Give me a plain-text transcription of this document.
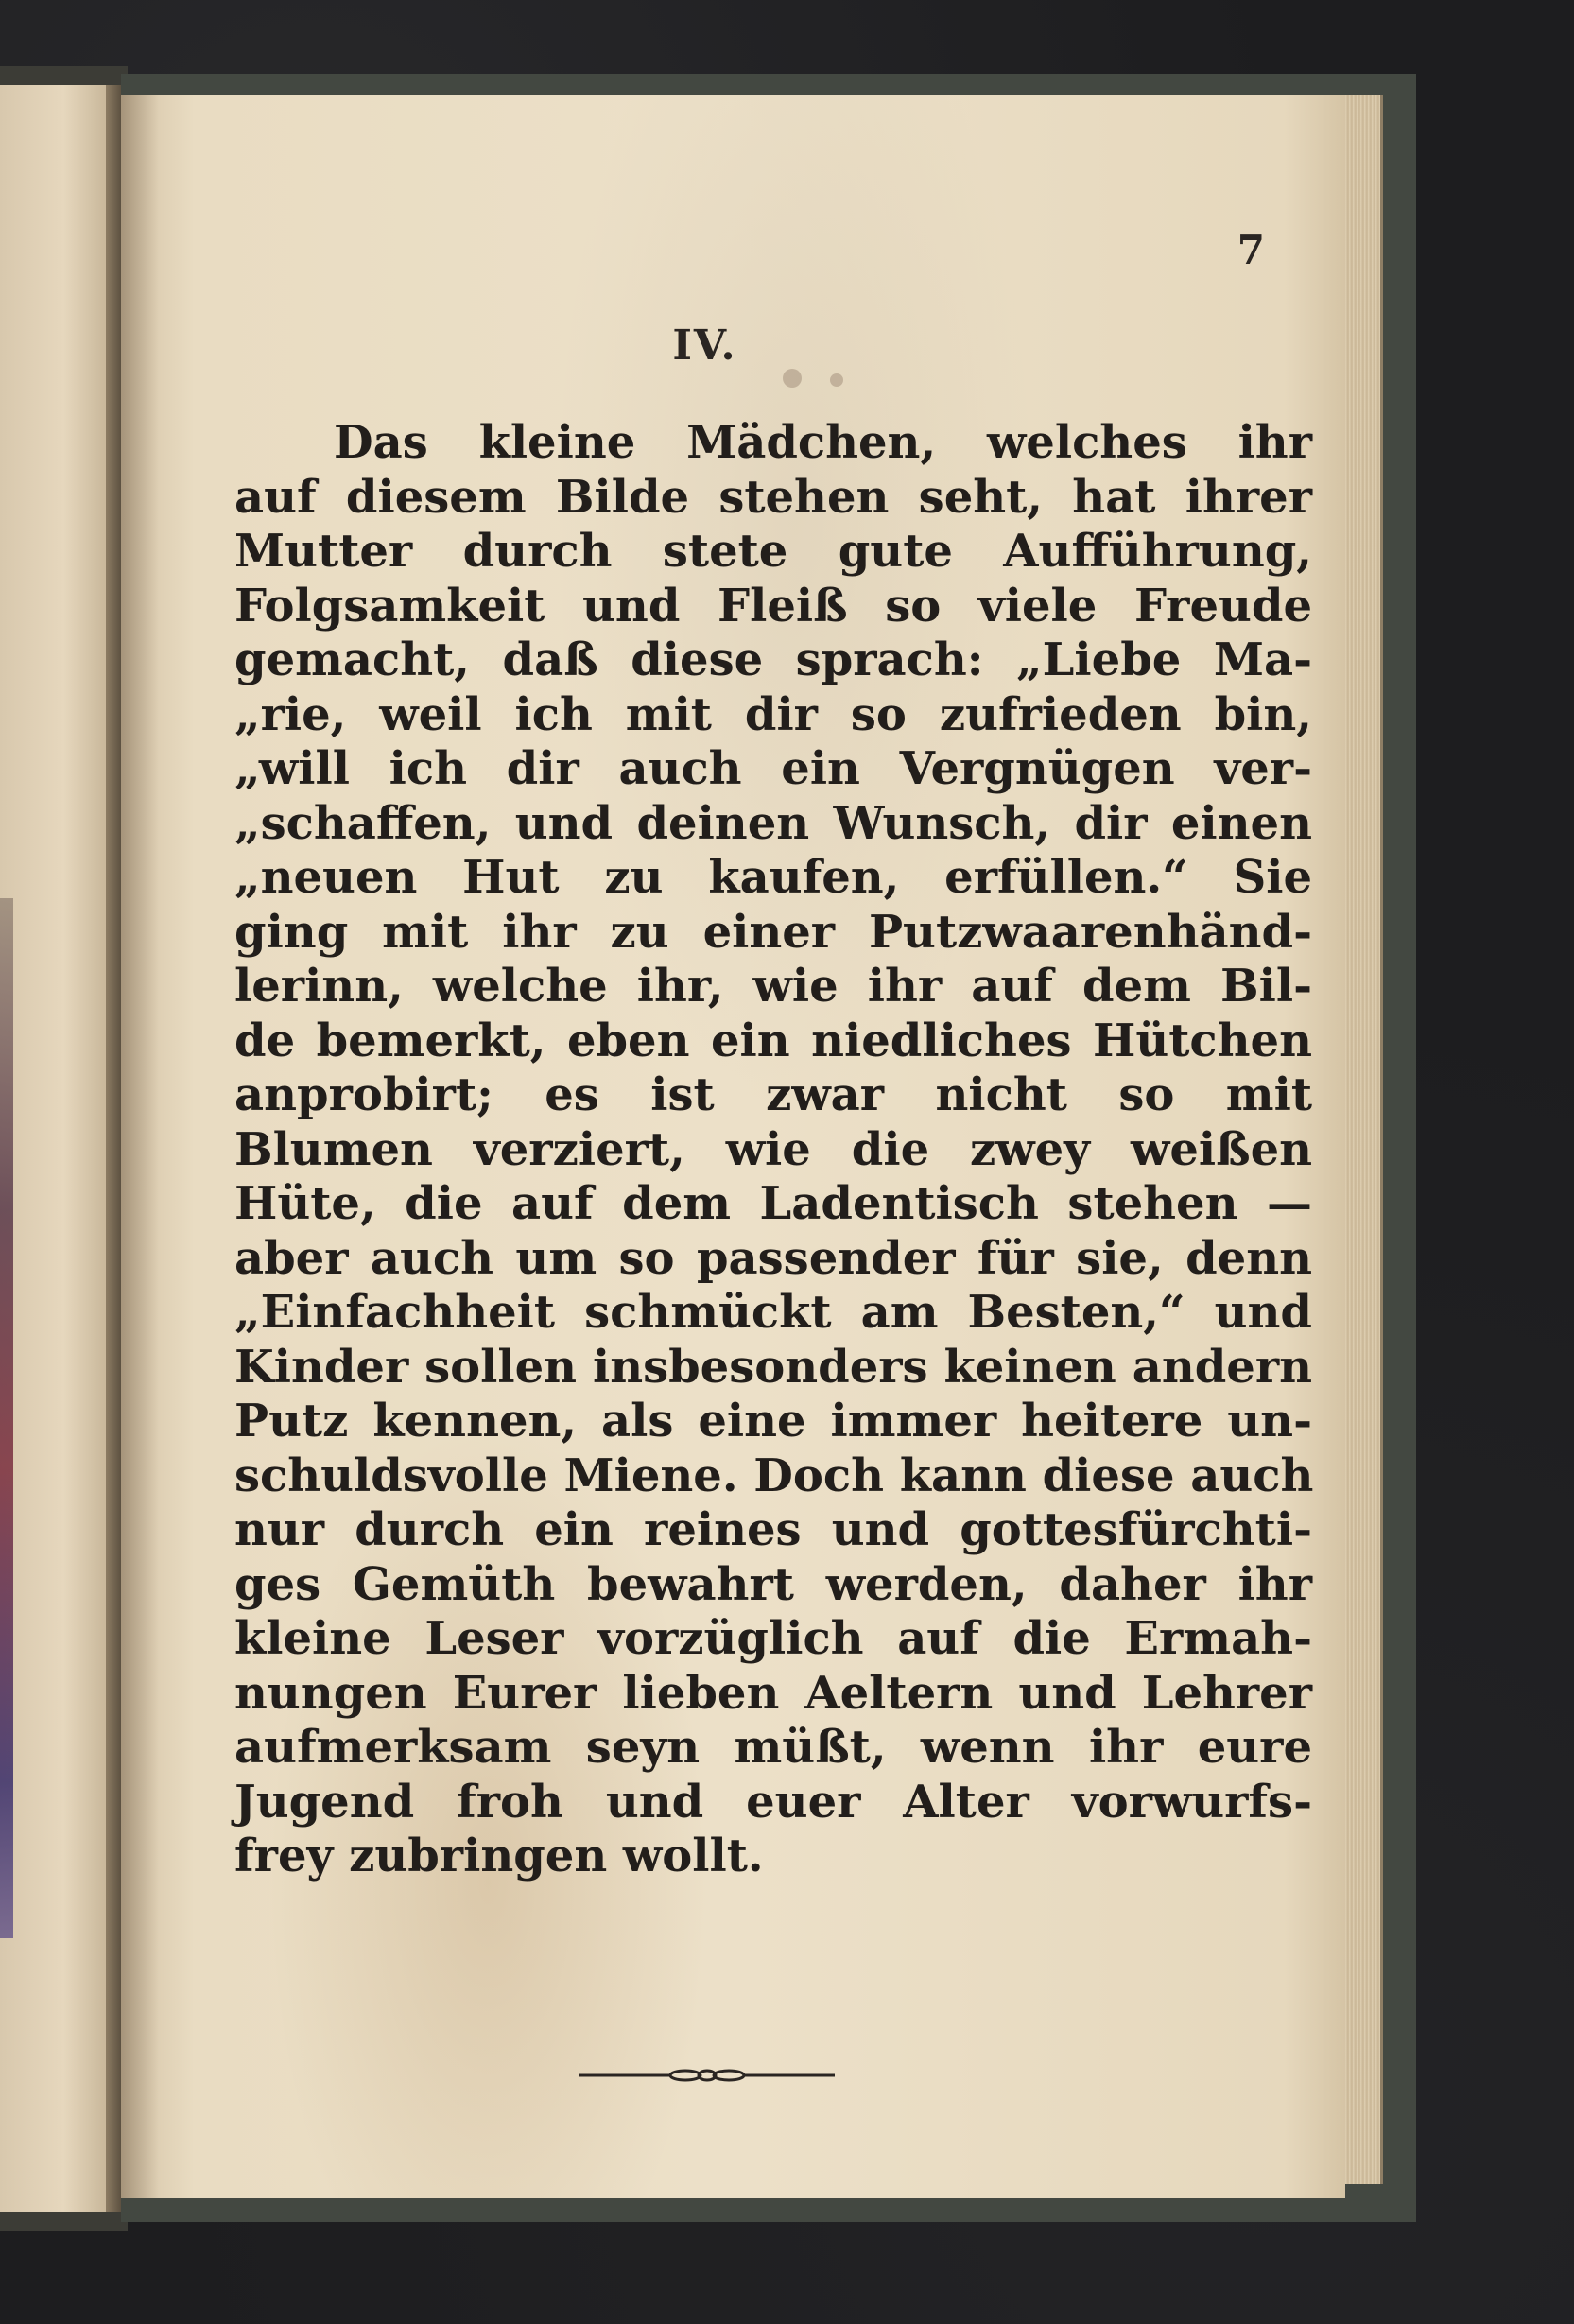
7
IV.
Das kleine Mädchen, welches ihr
auf diesem Bilde stehen seht, hat ihrer
Mutter durch stete gute Aufführung,
Folgsamkeit und Fleiß so viele Freude
gemacht, daß diese sprach: „Liebe Ma-
„rie, weil ich mit dir so zufrieden bin,
„will ich dir auch ein Vergnügen ver-
„schaffen, und deinen Wunsch, dir einen
„neuen Hut zu kaufen, erfüllen.“ Sie
ging mit ihr zu einer Putzwaarenhänd-
lerinn, welche ihr, wie ihr auf dem Bil-
de bemerkt, eben ein niedliches Hütchen
anprobirt; es ist zwar nicht so mit
Blumen verziert, wie die zwey weißen
Hüte, die auf dem Ladentisch stehen —
aber auch um so passender für sie, denn
„Einfachheit schmückt am Besten,“ und
Kinder sollen insbesonders keinen andern
Putz kennen, als eine immer heitere un-
schuldsvolle Miene. Doch kann diese auch
nur durch ein reines und gottesfürchti-
ges Gemüth bewahrt werden, daher ihr
kleine Leser vorzüglich auf die Ermah-
nungen Eurer lieben Aeltern und Lehrer
aufmerksam seyn müßt, wenn ihr eure
Jugend froh und euer Alter vorwurfs-
frey zubringen wollt.
